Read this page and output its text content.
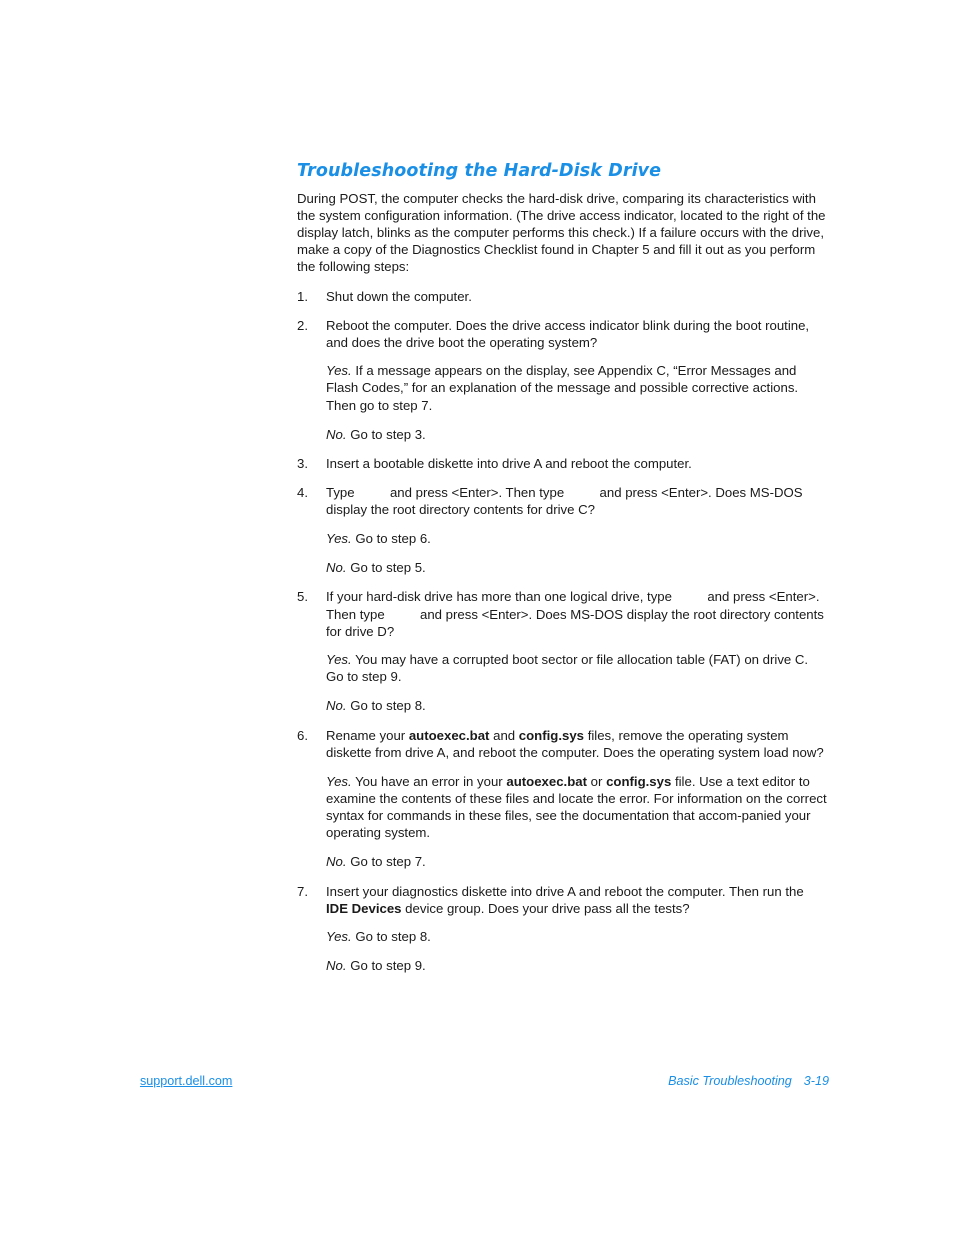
Troubleshooting the Hard-Disk Drive

During POST, the computer checks the hard-disk drive, comparing its characteristics with the system configuration information. (The drive access indicator, located to the right of the display latch, blinks as the computer performs this check.) If a failure occurs with the drive, make a copy of the Diagnostics Checklist found in Chapter 5 and fill it out as you perform the following steps:

1. Shut down the computer.
2. Reboot the computer. Does the drive access indicator blink during the boot routine, and does the drive boot the operating system?

Yes. If a message appears on the display, see Appendix C, “Error Messages and Flash Codes,” for an explanation of the message and possible corrective actions. Then go to step 7.

No. Go to step 3.

3. Insert a bootable diskette into drive A and reboot the computer.
4. Type	and press <Enter>. Then type	and press <Enter>. Does MS-DOS display the root directory contents for drive C?

Yes. Go to step 6.

No. Go to step 5.

5. If your hard-disk drive has more than one logical drive, type	and press <Enter>. Then type	and press <Enter>. Does MS-DOS display the root directory contents for drive D?

Yes. You may have a corrupted boot sector or file allocation table (FAT) on drive C. Go to step 9.

No. Go to step 8.

6. Rename your autoexec.bat and config.sys files, remove the operating system diskette from drive A, and reboot the computer. Does the operating system load now?

Yes. You have an error in your autoexec.bat or config.sys file. Use a text editor to examine the contents of these files and locate the error. For information on the correct syntax for commands in these files, see the documentation that accom-panied your operating system.

No. Go to step 7.

7. Insert your diagnostics diskette into drive A and reboot the computer. Then run the IDE Devices device group. Does your drive pass all the tests?

Yes. Go to step 8.

No. Go to step 9.

support.dell.com	Basic Troubleshooting 3-19
